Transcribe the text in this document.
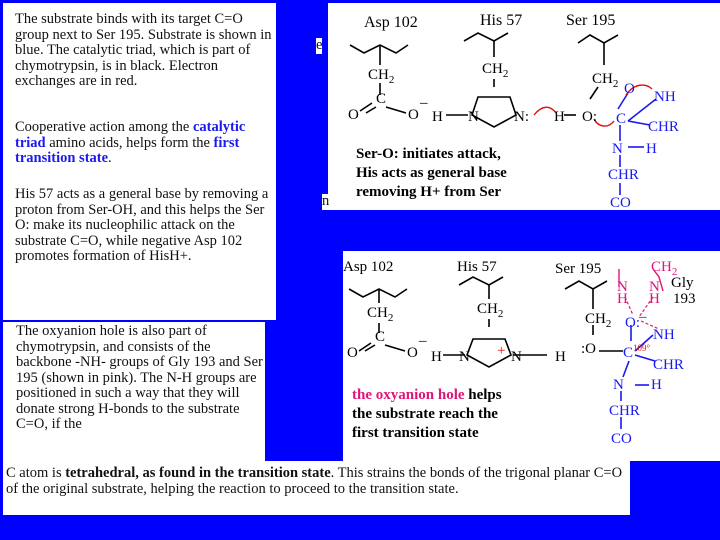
The substrate binds with its target C=O group next to Ser 195. Substrate is shown in blue. The catalytic triad, which is part of chymotrypsin, is in black. Electron exchanges are in red.

Cooperative action among the catalytic triad amino acids, helps form the first transition state.

His 57 acts as a general base by removing a proton from Ser-OH, and this helps the Ser O: make its nucleophilic attack on the substrate C=O, while negative Asp 102 promotes formation of HisH+.

e
n
Asp 102	His 57	Ser 195
$CH_2$
C
O	O
–
$CH_2$
H N N:
$CH_2$
H O:
O
C
NH
CHR
N H
CHR
CO

Ser-O: initiates attack,

His acts as general base

removing H+ from Ser

Asp 102	His 57	Ser 195
$CH_2$
C
O	O
–
$CH_2$
H N + N H
$CH_2$
:O
N
H
$CH_2$
N
H
Gly
193
O: –
C 109°
NH
CHR
N H
CHR
CO

the oxyanion hole helps

the substrate reach the

first transition state

The oxyanion hole is also part of chymotrypsin, and consists of the backbone -NH- groups of Gly 193 and Ser 195 (shown in pink). The N-H groups are positioned in such a way that they will donate strong H-bonds to the substrate C=O, if the

C atom is tetrahedral, as found in the transition state. This strains the bonds of the trigonal planar C=O of the original substrate, helping the reaction to proceed to the transition state.
